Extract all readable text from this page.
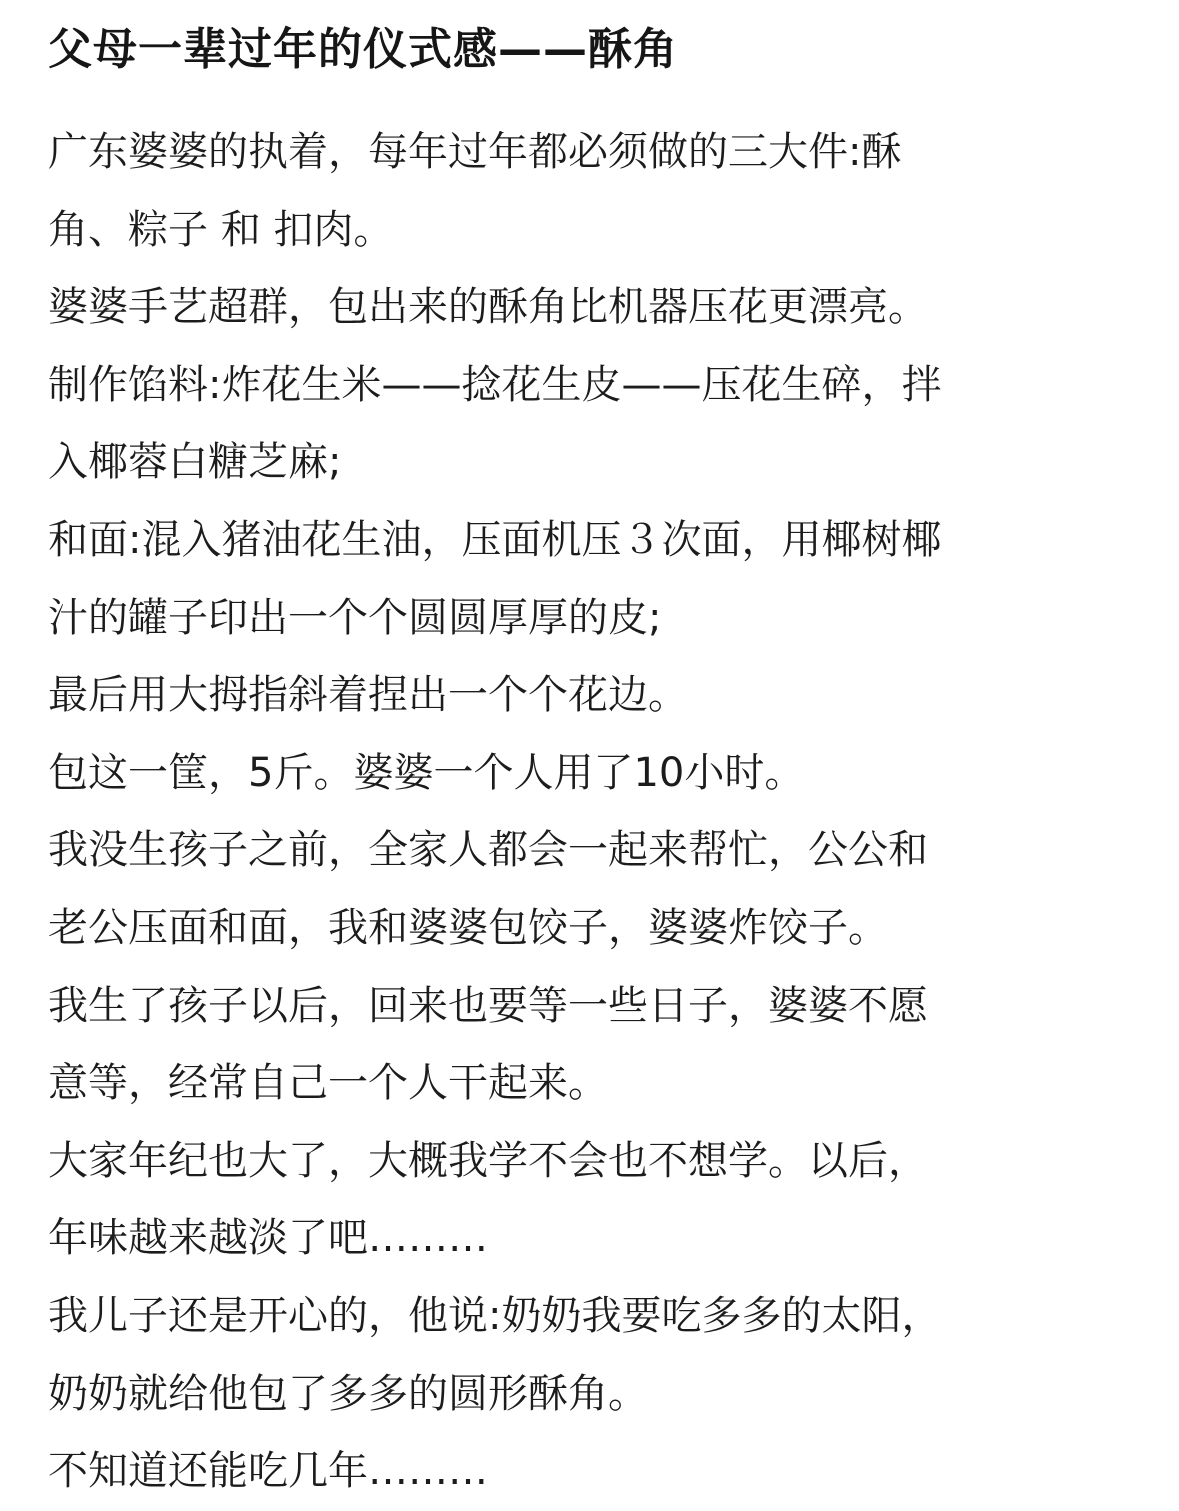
父母一辈过年的仪式感——酥角
广东婆婆的执着，每年过年都必须做的三大件:酥
角、粽子 和 扣肉。
婆婆手艺超群，包出来的酥角比机器压花更漂亮。
制作馅料:炸花生米——捻花生皮——压花生碎，拌
入椰蓉白糖芝麻;
和面:混入猪油花生油，压面机压３次面，用椰树椰
汁的罐子印出一个个圆圆厚厚的皮;
最后用大拇指斜着捏出一个个花边。
包这一筐，5斤。婆婆一个人用了10小时。
我没生孩子之前，全家人都会一起来帮忙，公公和
老公压面和面，我和婆婆包饺子，婆婆炸饺子。
我生了孩子以后，回来也要等一些日子，婆婆不愿
意等，经常自己一个人干起来。
大家年纪也大了，大概我学不会也不想学。以后，
年味越来越淡了吧………
我儿子还是开心的，他说:奶奶我要吃多多的太阳，
奶奶就给他包了多多的圆形酥角。
不知道还能吃几年………
